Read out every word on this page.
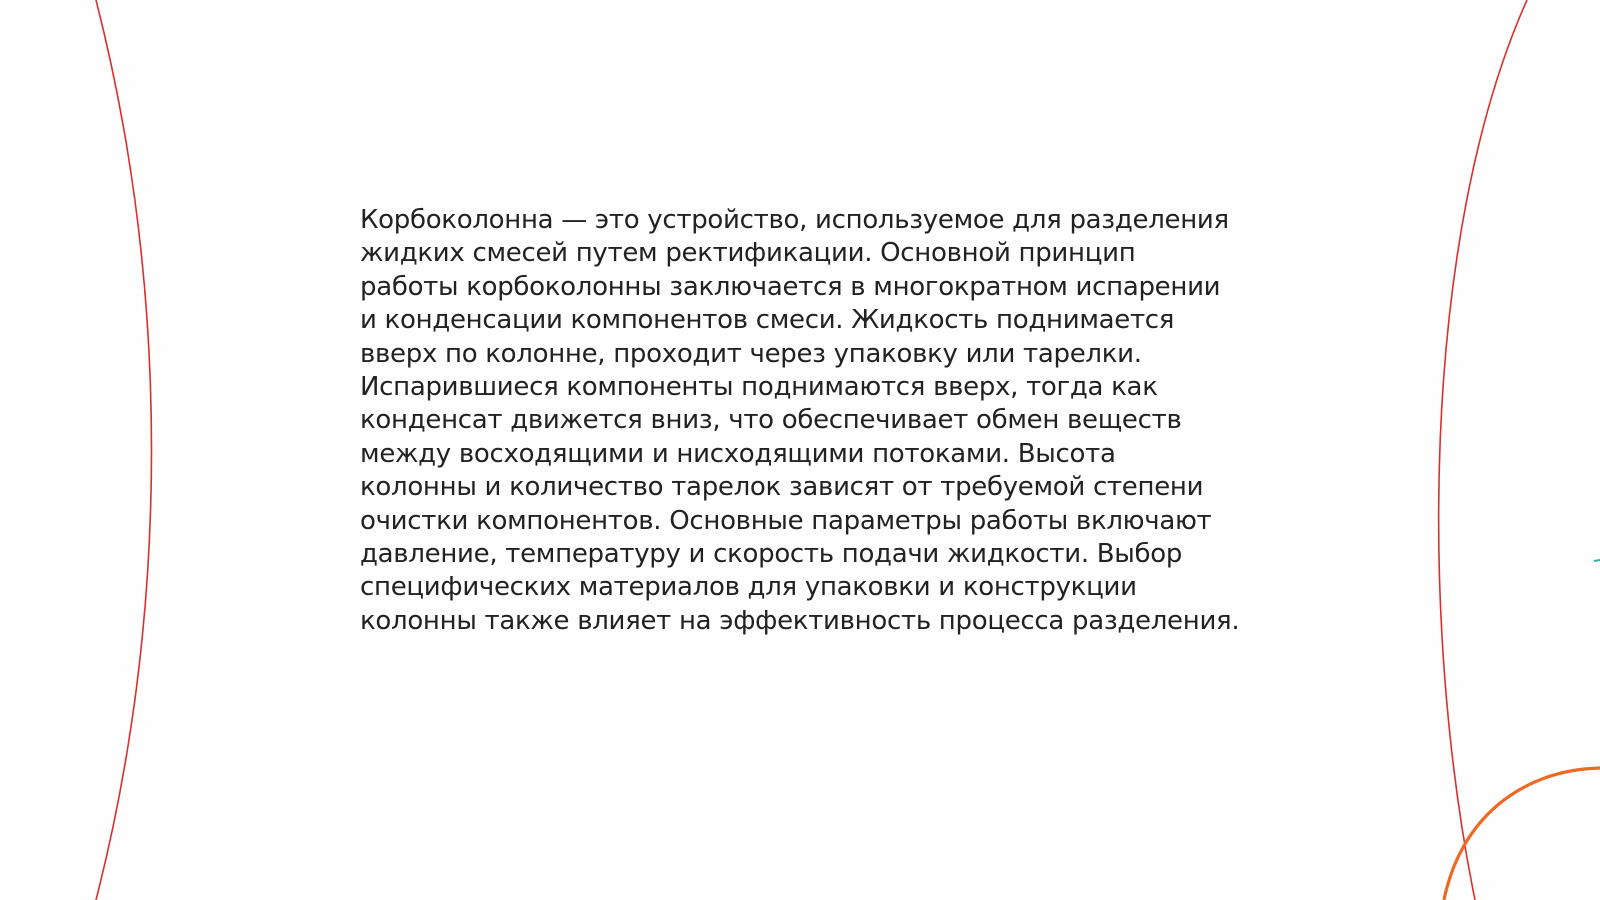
Корбоколонна — это устройство, используемое для разделения
жидких смесей путем ректификации. Основной принцип
работы корбоколонны заключается в многократном испарении
и конденсации компонентов смеси. Жидкость поднимается
вверх по колонне, проходит через упаковку или тарелки.
Испарившиеся компоненты поднимаются вверх, тогда как
конденсат движется вниз, что обеспечивает обмен веществ
между восходящими и нисходящими потоками. Высота
колонны и количество тарелок зависят от требуемой степени
очистки компонентов. Основные параметры работы включают
давление, температуру и скорость подачи жидкости. Выбор
специфических материалов для упаковки и конструкции
колонны также влияет на эффективность процесса разделения.
